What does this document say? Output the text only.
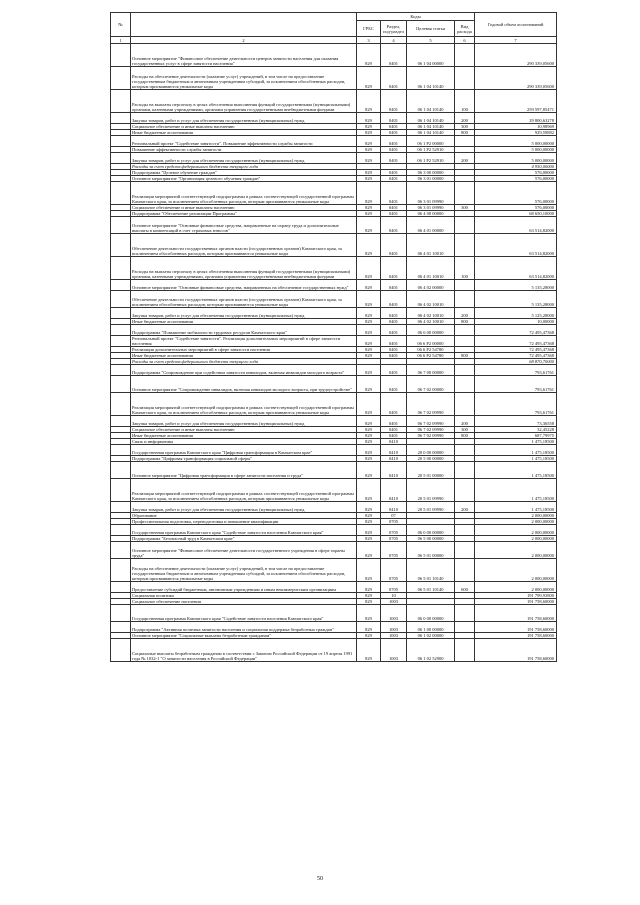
№		Коды				Годовой объем ассигнований
		ГРБС	Раздел, под-раздел	Целевая статья	Вид расхода	
1	2	3	4	5	6	7
	Основное мероприятие "Финансовое обеспечение деятельности центров занятости населения для оказания государственных услуг в сфере занятости населения"	829	0401	06 1 04 00000		290 339,05600
	Расходы на обеспечение деятельности (оказание услуг) учреждений, в том числе на предоставление государственным бюджетным и автономным учреждениям субсидий, за исключением обособленных расходов, которым присваиваются уникальные коды	829	0401	06 1 04 10140		290 339,05600
	Расходы на выплаты персоналу в целях обеспечения выполнения функций государственными (муниципальными) органами, казенными учреждениями, органами управления государственными внебюджетными фондами	829	0401	06 1 04 10140	100	259 597,85471
	Закупка товаров, работ и услуг для обеспечения государственных (муниципальных) нужд	829	0401	06 1 04 10140	200	29 800,63278
	Социальное обеспечение и иные выплаты населению	829	0401	06 1 04 10140	300	10,98969
	Иные бюджетные ассигнования	829	0401	06 1 04 10140	800	929,59882
	Региональный проект "Содействие занятости". Повышение эффективности службы занятости	829	0401	06 1 P2 00000		5 000,00000
	Повышение эффективности службы занятости	829	0401	06 1 P2 52910		5 000,00000
	Закупка товаров, работ и услуг для обеспечения государственных (муниципальных) нужд	829	0401	06 1 P2 52910	200	5 000,00000
	Расходы за счет средств федерального бюджета текущего года					4 950,00000
	Подпрограмма "Целевое обучение граждан"	829	0401	06 3 00 00000		576,00000
	Основное мероприятие "Организация целевого обучения граждан"	829	0401	06 3 01 00000		576,00000
	Реализация мероприятий соответствующей подпрограммы в рамках соответствующей государственной программы Камчатского края, за исключением обособленных расходов, которым присваиваются уникальные коды	829	0401	06 3 01 09990		576,00000
	Социальное обеспечение и иные выплаты населению	829	0401	06 3 01 09990	300	576,00000
	Подпрограмма "Обеспечение реализации Программы"	829	0401	06 4 00 00000		68 650,10000
	Основное мероприятие "Основные финансовые средства, направленные на охрану труда и дополнительные выплаты в компенсаций в счет страховых взносов"	829	0401	06 4 01 00000		63 514,82000
	Обеспечение деятельности государственных органов власти (государственных органов) Камчатского края, за исключением обособленных расходов, которым присваиваются уникальные коды	829	0401	06 4 01 10010		63 514,82000
	Расходы на выплаты персоналу в целях обеспечения выполнения функций государственными (муниципальными) органами, казенными учреждениями, органами управления государственными внебюджетными фондами	829	0401	06 4 01 10010	100	63 514,82000
	Основное мероприятие "Основные финансовые средства, направленных на обеспечение государственных нужд"	829	0401	06 4 02 00000		5 135,28000
	Обеспечение деятельности государственных органов власти (государственных органов) Камчатского края, за исключением обособленных расходов, которым присваиваются уникальные коды	829	0401	06 4 02 10010		5 135,28000
	Закупка товаров, работ и услуг для обеспечения государственных (муниципальных) нужд	829	0401	06 4 02 10010	200	5 125,28000
	Иные бюджетные ассигнования	829	0401	06 4 02 10010	800	10,00000
	Подпрограмма "Повышение мобильности трудовых ресурсов Камчатского края"	829	0401	06 6 00 00000		72 495,47368
	Региональный проект "Содействие занятости". Реализация дополнительных мероприятий в сфере занятости населения	829	0401	06 6 P2 00000		72 495,47368
	Реализация дополнительных мероприятий в сфере занятости населения	829	0401	06 6 P2 54780		72 495,47368
	Иные бюджетные ассигнования	829	0401	06 6 P2 54780	800	72 495,47368
	Расходы за счет средств федерального бюджета текущего года					68 870,70000
	Подпрограмма "Сопровождение при содействии занятости инвалидов, включая инвалидов молодого возраста"	829	0401	06 7 00 00000		793,61761
	Основное мероприятие "Сопровождение инвалидов, включая инвалидов молодого возраста, при трудоустройстве"	829	0401	06 7 02 00000		793,61761
	Реализация мероприятий соответствующей подпрограммы в рамках соответствующей государственной программы Камчатского края, за исключением обособленных расходов, которым присваиваются уникальные коды	829	0401	06 7 02 09990		793,61761
	Закупка товаров, работ и услуг для обеспечения государственных (муниципальных) нужд	829	0401	06 7 02 09990	200	73,36558
	Социальное обеспечение и иные выплаты населению	829	0401	06 7 02 09990	300	32,45228
	Иные бюджетные ассигнования	829	0401	06 7 02 09990	800	687,79975
	Связь и информатика	829	0410			1 475,18500
	Государственная программа Камчатского края "Цифровая трансформация в Камчатском крае"	829	0410	20 0 00 00000		1 475,18500
	Подпрограмма "Цифровая трансформация социальной сферы"	829	0410	20 5 00 00000		1 475,18500
	Основное мероприятие "Цифровая трансформация в сфере занятости населения и труда"	829	0410	20 5 01 00000		1 475,18500
	Реализация мероприятий соответствующей подпрограммы в рамках соответствующей государственной программы Камчатского края, за исключением обособленных расходов, которым присваиваются уникальные коды	829	0410	20 5 01 09990		1 475,18500
	Закупка товаров, работ и услуг для обеспечения государственных (муниципальных) нужд	829	0410	20 5 01 09990	200	1 475,18500
	Образование	829	07			2 000,00000
	Профессиональная подготовка, переподготовка и повышение квалификации	829	0705			2 000,00000
	Государственная программа Камчатского края "Содействие занятости населения Камчатского края"	829	0705	06 0 00 00000		2 000,00000
	Подпрограмма "Безопасный труд в Камчатском крае"	829	0705	06 5 00 00000		2 000,00000
	Основное мероприятие "Финансовое обеспечение деятельности государственного учреждения в сфере охраны труда"	829	0705	06 5 01 00000		2 000,00000
	Расходы на обеспечение деятельности (оказание услуг) учреждений, в том числе на предоставление государственным бюджетным и автономным учреждениям субсидий, за исключением обособленных расходов, которым присваиваются уникальные коды	829	0705	06 5 01 10140		2 000,00000
	Предоставление субсидий бюджетным, автономным учреждениям и иным некоммерческим организациям	829	0705	06 5 01 10140	600	2 000,00000
	Социальная политика	829	10			191 799,93800
	Социальное обеспечение населения	829	1003			191 758,60000
	Государственная программа Камчатского края "Содействие занятости населения Камчатского края"	829	1003	06 0 00 00000		191 758,60000
	Подпрограмма "Активная политика занятости населения и социальная поддержка безработных граждан"	829	1003	06 1 00 00000		191 758,60000
	Основное мероприятие "Социальные выплаты безработным гражданам"	829	1003	06 1 02 00000		191 758,60000
	Социальные выплаты безработным гражданам в соответствии с Законом Российской Федерации от 19 апреля 1991 года № 1032-1 "О занятости населения в Российской Федерации"	829	1003	06 1 02 52900		191 758,60000
50
